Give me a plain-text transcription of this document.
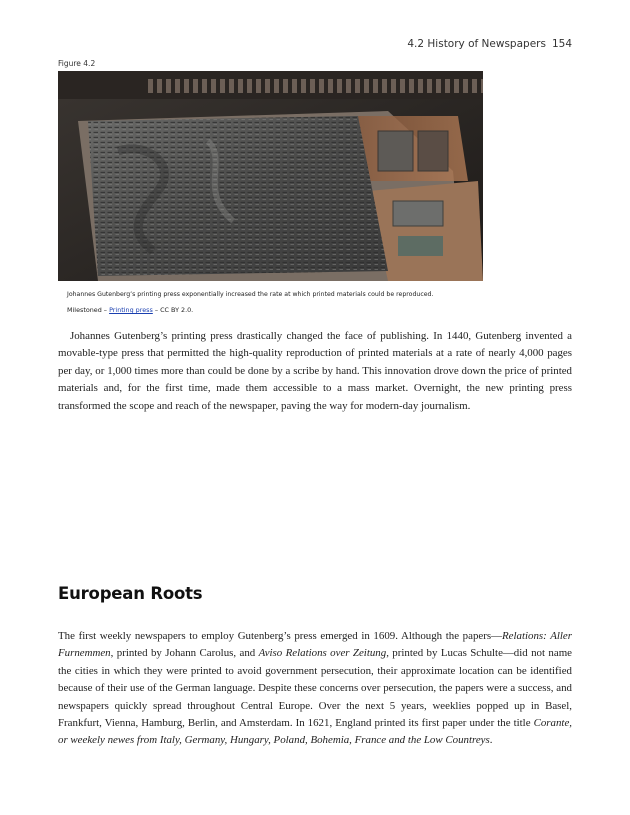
4.2 History of Newspapers 154
Figure 4.2
Johannes Gutenberg’s printing press exponentially increased the rate at which printed materials could be reproduced.
Milestoned – Printing press – CC BY 2.0.

Johannes Gutenberg’s printing press drastically changed the face of publishing. In 1440, Gutenberg invented a movable-type press that permitted the high-quality reproduction of printed materials at a rate of nearly 4,000 pages per day, or 1,000 times more than could be done by a scribe by hand. This innovation drove down the price of printed materials and, for the first time, made them accessible to a mass market. Overnight, the new printing press transformed the scope and reach of the newspaper, paving the way for modern-day journalism.

European Roots

The first weekly newspapers to employ Gutenberg’s press emerged in 1609. Although the papers—Relations: Aller Furnemmen, printed by Johann Carolus, and Aviso Relations over Zeitung, printed by Lucas Schulte—did not name the cities in which they were printed to avoid government persecution, their approximate location can be identified because of their use of the German language. Despite these concerns over persecution, the papers were a success, and newspapers quickly spread throughout Central Europe. Over the next 5 years, weeklies popped up in Basel, Frankfurt, Vienna, Hamburg, Berlin, and Amsterdam. In 1621, England printed its first paper under the title Corante, or weekely newes from Italy, Germany, Hungary, Poland, Bohemia, France and the Low Countreys.
